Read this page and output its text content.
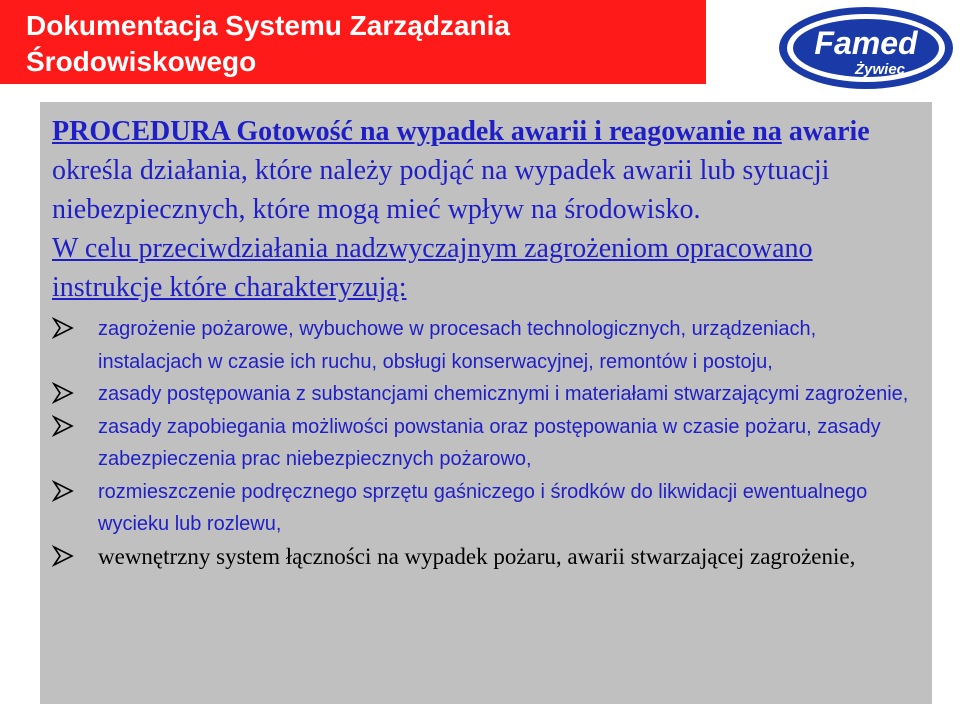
Dokumentacja Systemu Zarządzania
Środowiskowego
Famed
Żywiec

PROCEDURA Gotowość na wypadek awarii i reagowanie na awarie określa działania, które należy podjąć na wypadek awarii lub sytuacji niebezpiecznych, które mogą mieć wpływ na środowisko.

W celu przeciwdziałania nadzwyczajnym zagrożeniom opracowano instrukcje które charakteryzują:

zagrożenie pożarowe, wybuchowe w procesach technologicznych, urządzeniach, instalacjach w czasie ich ruchu, obsługi konserwacyjnej, remontów i postoju,
zasady postępowania z substancjami chemicznymi i materiałami stwarzającymi zagrożenie,
zasady zapobiegania możliwości powstania oraz postępowania w czasie pożaru, zasady zabezpieczenia prac niebezpiecznych pożarowo,
rozmieszczenie podręcznego sprzętu gaśniczego i środków do likwidacji ewentualnego wycieku lub rozlewu,
wewnętrzny system łączności na wypadek pożaru, awarii stwarzającej zagrożenie,
